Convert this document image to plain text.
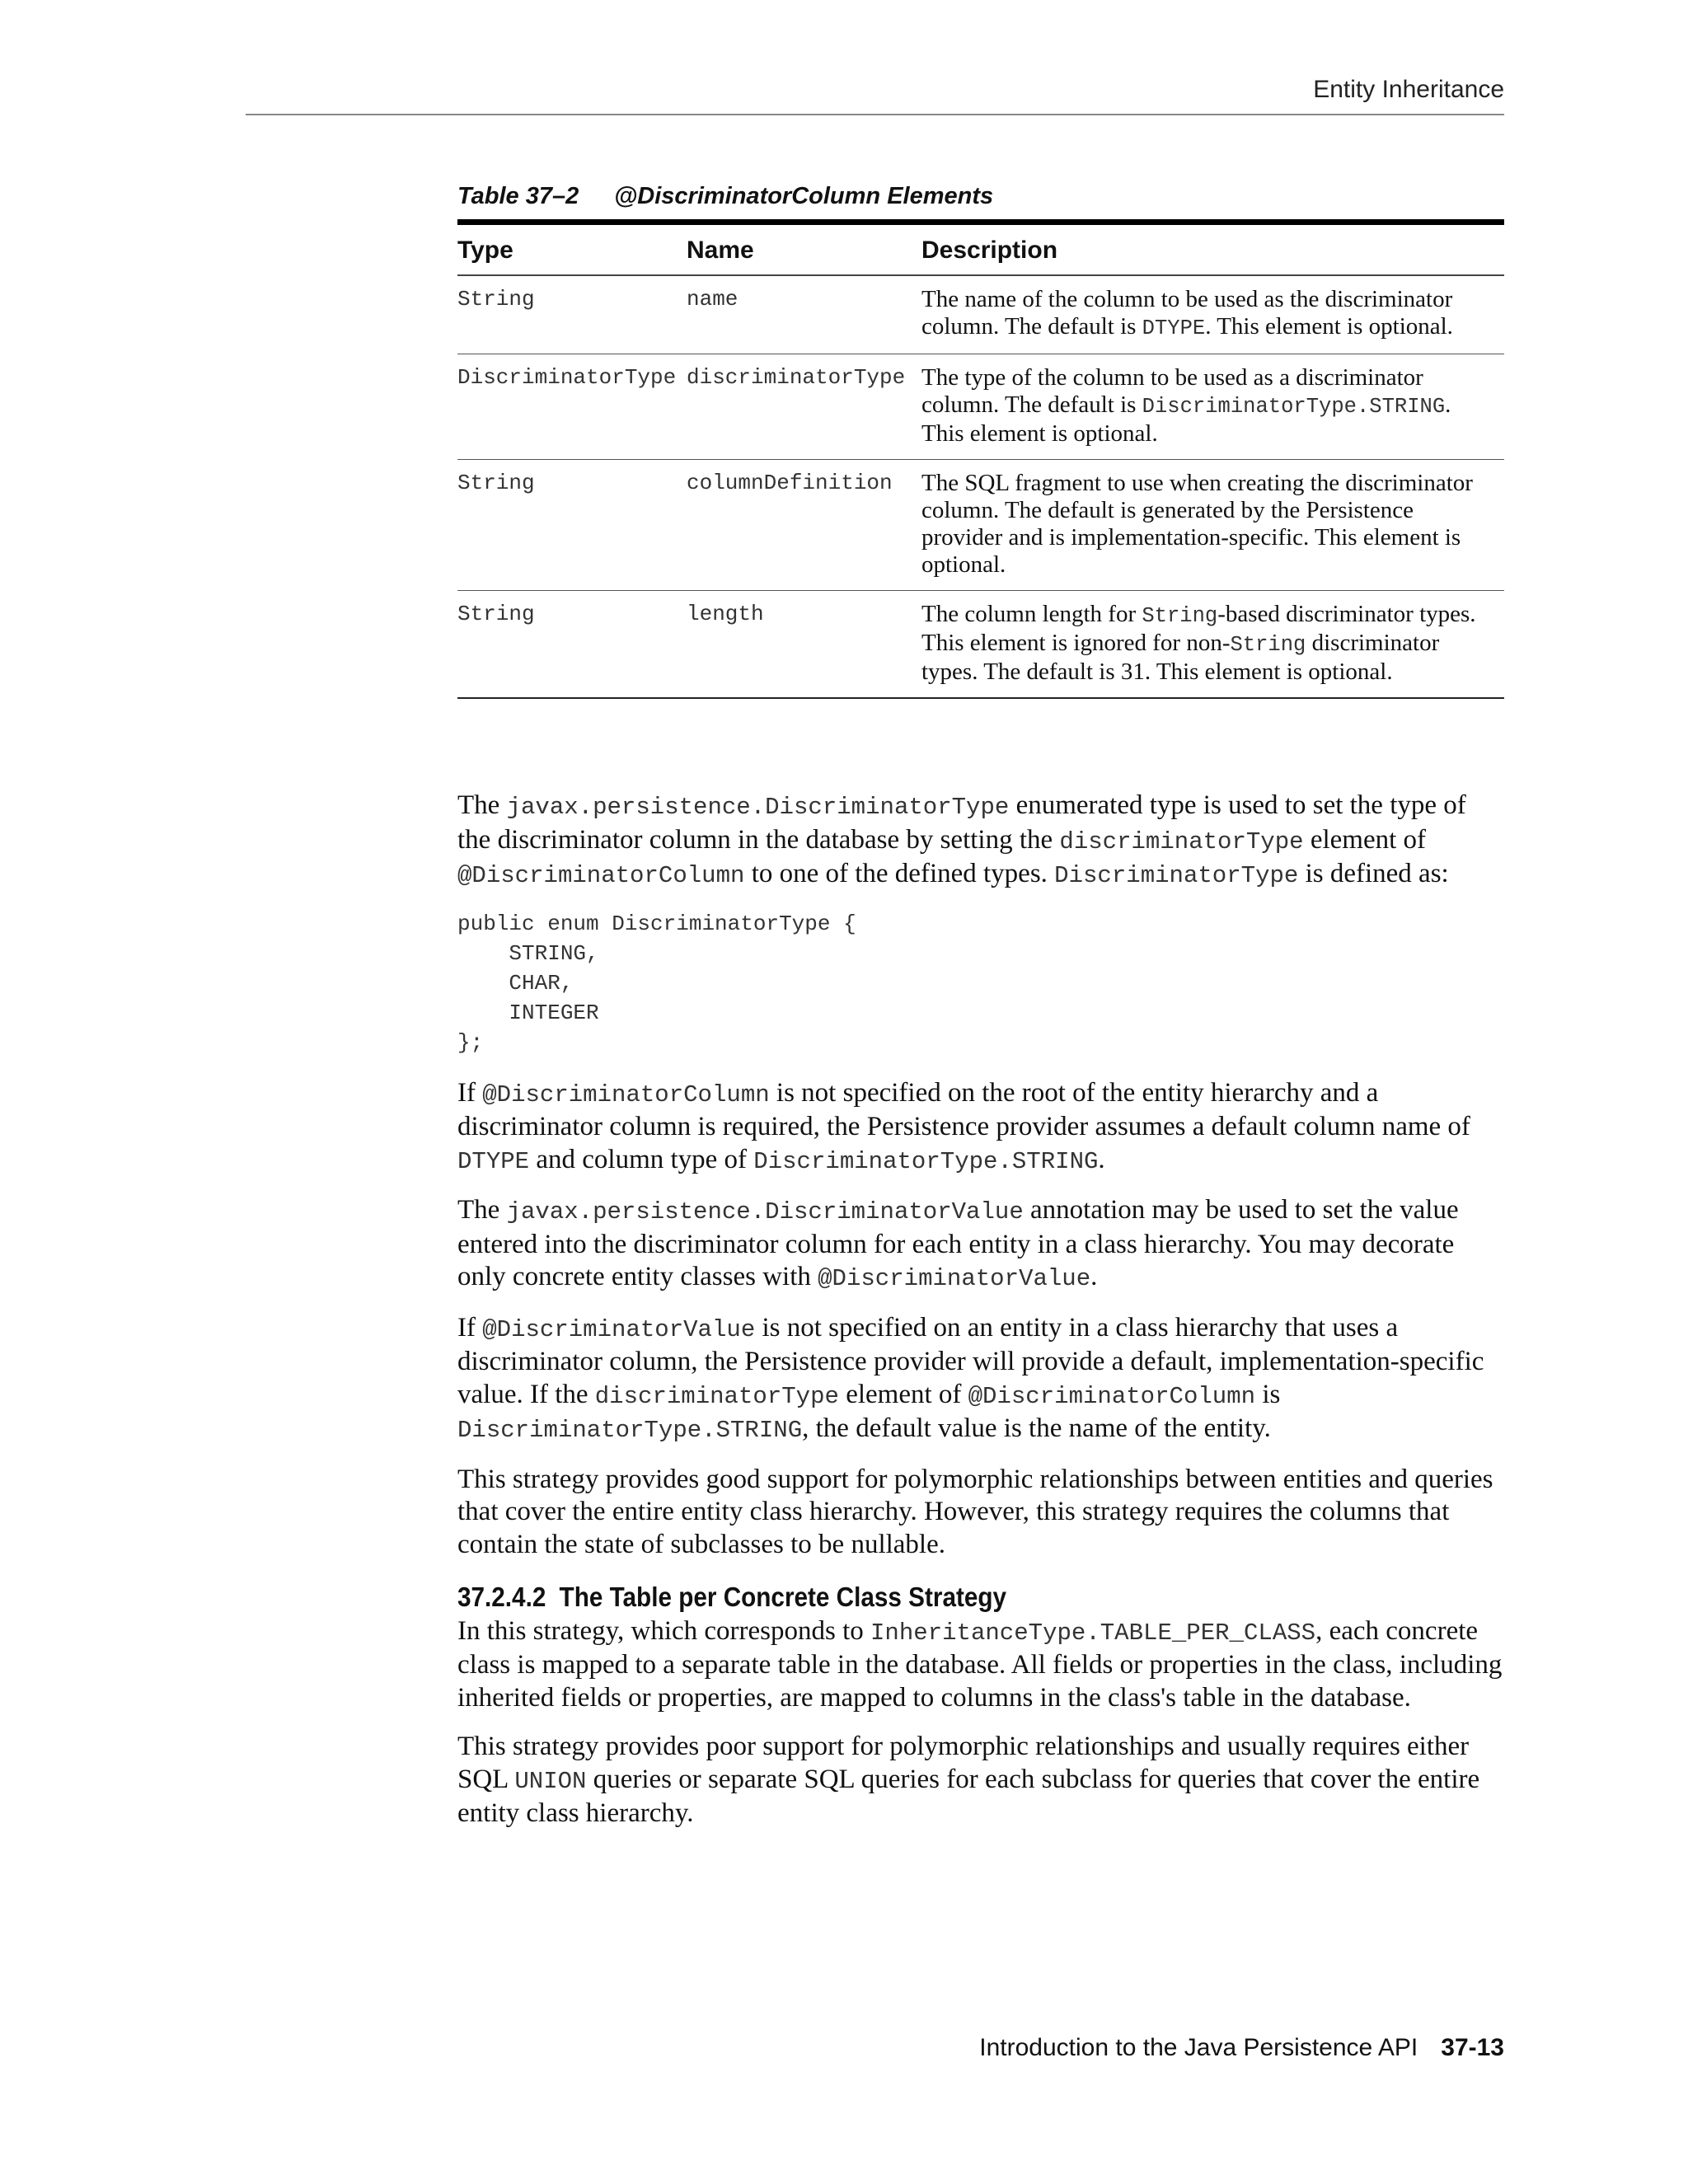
Entity Inheritance
Table 37–2 @DiscriminatorColumn Elements
Type	Name	Description
String	name	The name of the column to be used as the discriminator column. The default is DTYPE. This element is optional.
DiscriminatorType	discriminatorType	The type of the column to be used as a discriminator column. The default is DiscriminatorType.STRING. This element is optional.
String	columnDefinition	The SQL fragment to use when creating the discriminator column. The default is generated by the Persistence provider and is implementation-specific. This element is optional.
String	length	The column length for String-based discriminator types. This element is ignored for non-String discriminator types. The default is 31. This element is optional.

The javax.persistence.DiscriminatorType enumerated type is used to set the type of the discriminator column in the database by setting the discriminatorType element of @DiscriminatorColumn to one of the defined types. DiscriminatorType is defined as:

public enum DiscriminatorType {
STRING,
CHAR,
INTEGER
};

If @DiscriminatorColumn is not specified on the root of the entity hierarchy and a discriminator column is required, the Persistence provider assumes a default column name of DTYPE and column type of DiscriminatorType.STRING.

The javax.persistence.DiscriminatorValue annotation may be used to set the value entered into the discriminator column for each entity in a class hierarchy. You may decorate only concrete entity classes with @DiscriminatorValue.

If @DiscriminatorValue is not specified on an entity in a class hierarchy that uses a discriminator column, the Persistence provider will provide a default, implementation-specific value. If the discriminatorType element of @DiscriminatorColumn is DiscriminatorType.STRING, the default value is the name of the entity.

This strategy provides good support for polymorphic relationships between entities and queries that cover the entire entity class hierarchy. However, this strategy requires the columns that contain the state of subclasses to be nullable.

37.2.4.2 The Table per Concrete Class Strategy

In this strategy, which corresponds to InheritanceType.TABLE_PER_CLASS, each concrete class is mapped to a separate table in the database. All fields or properties in the class, including inherited fields or properties, are mapped to columns in the class's table in the database.

This strategy provides poor support for polymorphic relationships and usually requires either SQL UNION queries or separate SQL queries for each subclass for queries that cover the entire entity class hierarchy.

Introduction to the Java Persistence API 37-13
